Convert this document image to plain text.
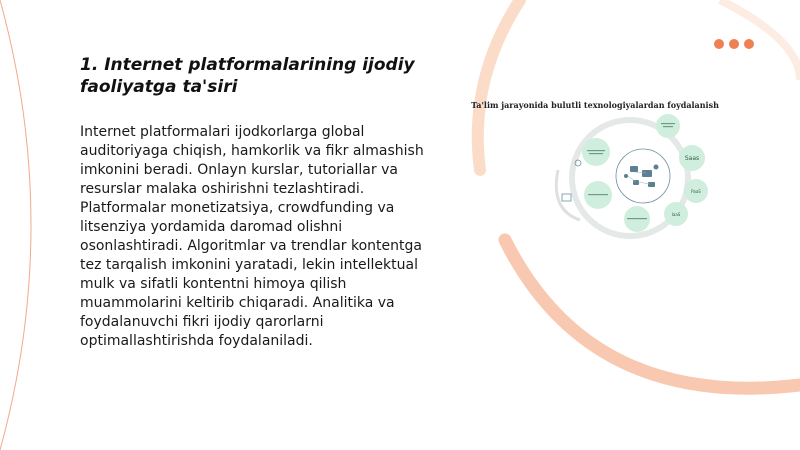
1. Internet platformalarining ijodiy faoliyatga ta'siri

Internet platformalari ijodkorlarga global auditoriyaga chiqish, hamkorlik va fikr almashish imkonini beradi. Onlayn kurslar, tutoriallar va resurslar malaka oshirishni tezlashtiradi. Platformalar monetizatsiya, crowdfunding va litsenziya yordamida daromad olishni osonlashtiradi. Algoritmlar va trendlar kontentga tez tarqalish imkonini yaratadi, lekin intellektual mulk va sifatli kontentni himoya qilish muammolarini keltirib chiqaradi. Analitika va foydalanuvchi fikri ijodiy qarorlarni optimallashtirishda foydalaniladi.

Ta'lim jarayonida bulutli texnologiyalardan foydalanish

Saas
PaaS
IaaS
